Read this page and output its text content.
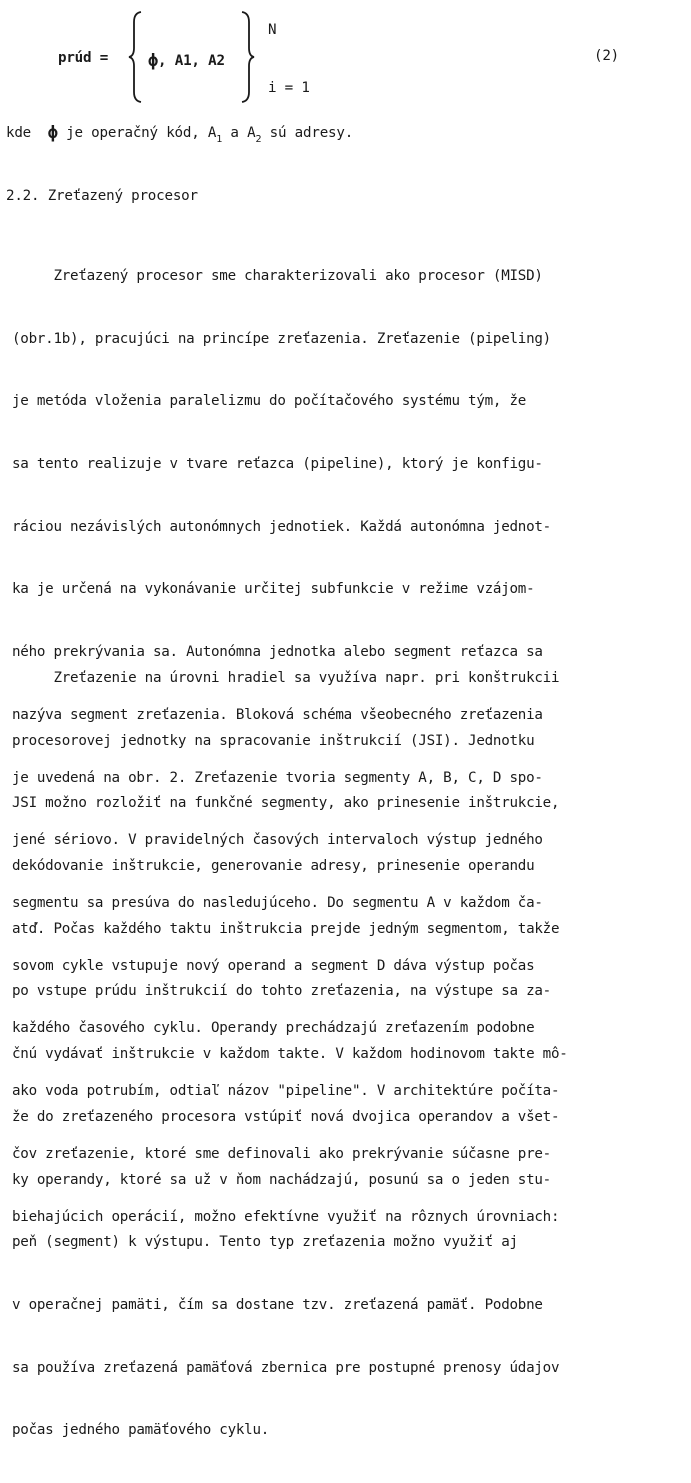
prúd = ϕ, A1, A2
N
i = 1
(2)
kde ϕ je operačný kód, $A_1$ a $A_2$ sú adresy.
2.2. Zreťazený procesor

Zreťazený procesor sme charakterizovali ako procesor (MISD)

(obr.1b), pracujúci na princípe zreťazenia. Zreťazenie (pipeling)

je metóda vloženia paralelizmu do počítačového systému tým, že

sa tento realizuje v tvare reťazca (pipeline), ktorý je konfigu-

ráciou nezávislých autonómnych jednotiek. Každá autonómna jednot-

ka je určená na vykonávanie určitej subfunkcie v režime vzájom-

ného prekrývania sa. Autonómna jednotka alebo segment reťazca sa

nazýva segment zreťazenia. Bloková schéma všeobecného zreťazenia

je uvedená na obr. 2. Zreťazenie tvoria segmenty A, B, C, D spo-

jené sériovo. V pravidelných časových intervaloch výstup jedného

segmentu sa presúva do nasledujúceho. Do segmentu A v každom ča-

sovom cykle vstupuje nový operand a segment D dáva výstup počas

každého časového cyklu. Operandy prechádzajú zreťazením podobne

ako voda potrubím, odtiaľ názov "pipeline". V architektúre počíta-

čov zreťazenie, ktoré sme definovali ako prekrývanie súčasne pre-

biehajúcich operácií, možno efektívne využiť na rôznych úrovniach:

Zreťazenie na úrovni hradiel sa využíva napr. pri konštrukcii

procesorovej jednotky na spracovanie inštrukcií (JSI). Jednotku

JSI možno rozložiť na funkčné segmenty, ako prinesenie inštrukcie,

dekódovanie inštrukcie, generovanie adresy, prinesenie operandu

atď. Počas každého taktu inštrukcia prejde jedným segmentom, takže

po vstupe prúdu inštrukcií do tohto zreťazenia, na výstupe sa za-

čnú vydávať inštrukcie v každom takte. V každom hodinovom takte mô-

že do zreťazeného procesora vstúpiť nová dvojica operandov a všet-

ky operandy, ktoré sa už v ňom nachádzajú, posunú sa o jeden stu-

peň (segment) k výstupu. Tento typ zreťazenia možno využiť aj

v operačnej pamäti, čím sa dostane tzv. zreťazená pamäť. Podobne

sa používa zreťazená pamäťová zbernica pre postupné prenosy údajov

počas jedného pamäťového cyklu.
